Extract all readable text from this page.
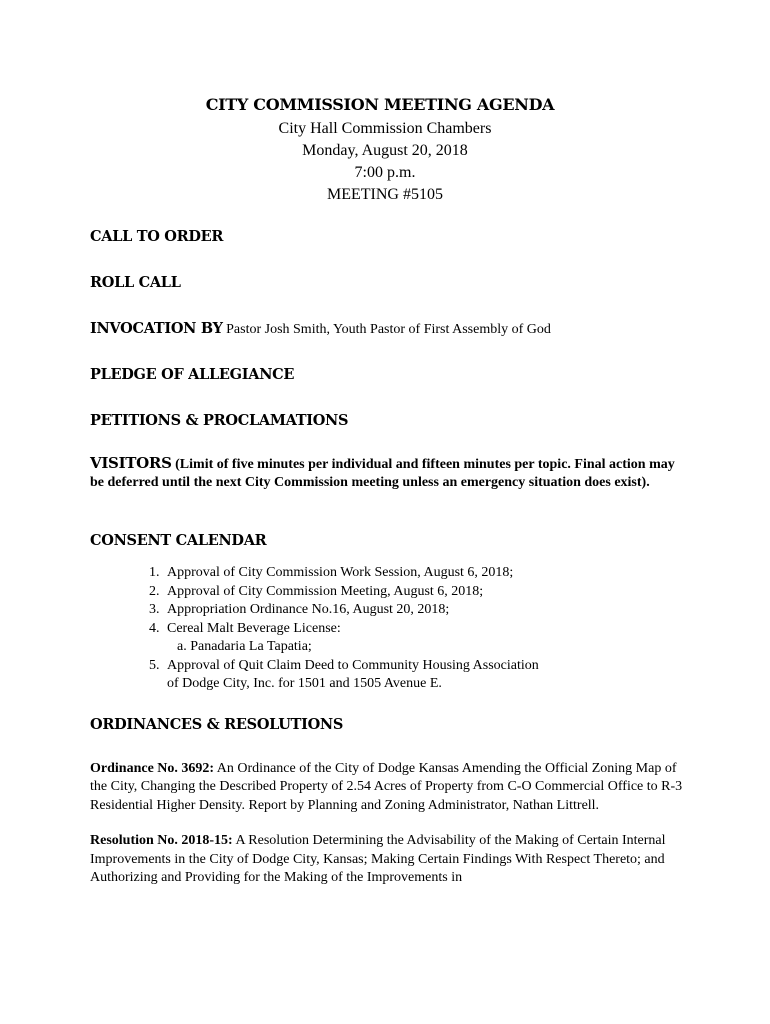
CITY COMMISSION MEETING AGENDA
City Hall Commission Chambers
Monday, August 20, 2018
7:00 p.m.
MEETING #5105
CALL TO ORDER
ROLL CALL
INVOCATION BY Pastor Josh Smith, Youth Pastor of First Assembly of God
PLEDGE OF ALLEGIANCE
PETITIONS & PROCLAMATIONS
VISITORS (Limit of five minutes per individual and fifteen minutes per topic. Final action may be deferred until the next City Commission meeting unless an emergency situation does exist).
CONSENT CALENDAR
1. Approval of City Commission Work Session, August 6, 2018;
2. Approval of City Commission Meeting, August 6, 2018;
3. Appropriation Ordinance No.16, August 20, 2018;
4. Cereal Malt Beverage License:
a. Panadaria La Tapatia;
5. Approval of Quit Claim Deed to Community Housing Association
of Dodge City, Inc. for 1501 and 1505 Avenue E.
ORDINANCES & RESOLUTIONS
Ordinance No. 3692: An Ordinance of the City of Dodge Kansas Amending the Official Zoning Map of the City, Changing the Described Property of 2.54 Acres of Property from C-O Commercial Office to R-3 Residential Higher Density. Report by Planning and Zoning Administrator, Nathan Littrell.
Resolution No. 2018-15: A Resolution Determining the Advisability of the Making of Certain Internal Improvements in the City of Dodge City, Kansas; Making Certain Findings With Respect Thereto; and Authorizing and Providing for the Making of the Improvements in
